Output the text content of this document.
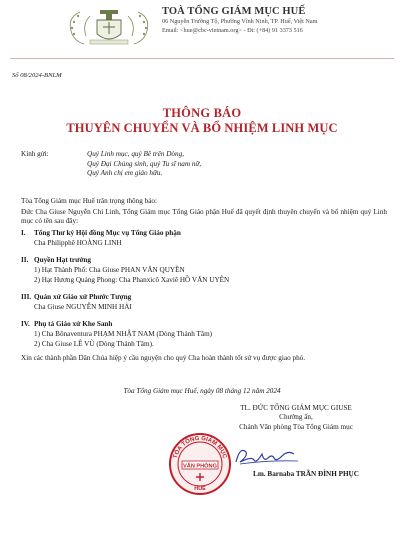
TOÀ TỔNG GIÁM MỤC HUẾ
06 Nguyễn Trường Tộ, Phường Vĩnh Ninh, TP. Huế, Việt Nam
Email: <hue@cbc-vietnam.org> - Đt: (+84) 91 3373 516
Số 08/2024-BNLM
THÔNG BÁO
THUYÊN CHUYỂN VÀ BỔ NHIỆM LINH MỤC
Kính gửi:	Quý Linh mục, quý Bề trên Dòng,
Quý Đại Chủng sinh, quý Tu sĩ nam nữ,
Quý Anh chị em giáo hữu.
Tòa Tổng Giám mục Huế trân trọng thông báo:
Đức Cha Giuse Nguyễn Chí Linh, Tổng Giám mục Tổng Giáo phận Huế đã quyết định thuyên chuyển và bổ nhiệm quý Linh mục có tên sau đây:
I. Tổng Thư ký Hội đồng Mục vụ Tổng Giáo phận
Cha Philipphê HOÀNG LINH
II. Quyền Hạt trưởng
1) Hạt Thành Phố: Cha Giuse PHAN VĂN QUYỀN
2) Hạt Hương Quảng Phong: Cha Phanxicô Xaviê HỒ VĂN UYÊN
III. Quản xứ Giáo xứ Phước Tượng
Cha Giuse NGUYỄN MINH HẢI
IV. Phụ tá Giáo xứ Khe Sanh
1) Cha Bônaventura PHẠM NHẬT NAM (Dòng Thánh Tâm)
2) Cha Giuse LÊ VŨ (Dòng Thánh Tâm).
Xin các thành phần Dân Chúa hiệp ý cầu nguyện cho quý Cha hoàn thành tốt sứ vụ được giao phó.
Tòa Tổng Giám mục Huế, ngày 08 tháng 12 năm 2024
TL. ĐỨC TỔNG GIÁM MỤC GIUSE
Chưởng ấn,
Chánh Văn phòng Tòa Tổng Giám mục
TÒA TỔNG GIÁM MỤC
VĂN PHÒNG
HUẾ
Lm. Barnaba TRẦN ĐÌNH PHỤC
